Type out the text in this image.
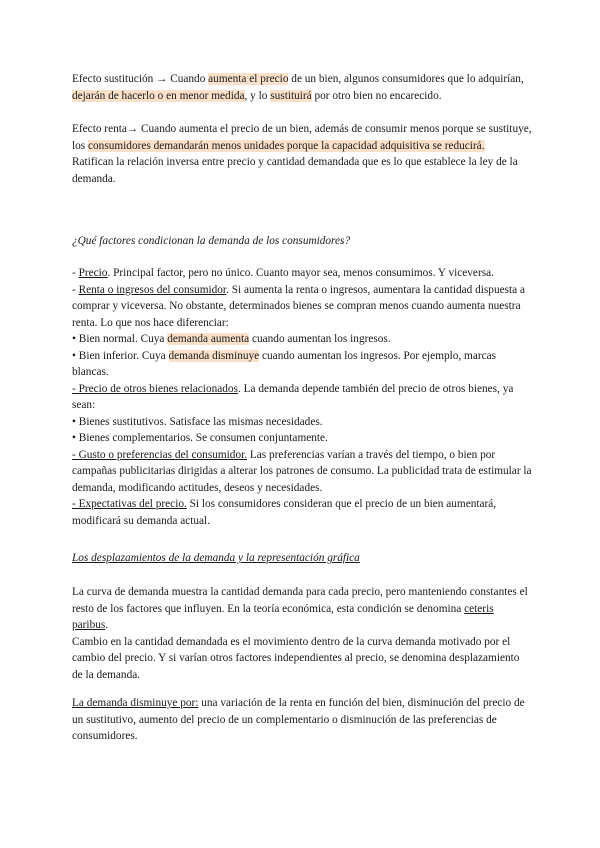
Efecto sustitución → Cuando aumenta el precio de un bien, algunos consumidores que lo adquirían, dejarán de hacerlo o en menor medida, y lo sustituirá por otro bien no encarecido.

Efecto renta→ Cuando aumenta el precio de un bien, además de consumir menos porque se sustituye, los consumidores demandarán menos unidades porque la capacidad adquisitiva se reducirá.

Ratifican la relación inversa entre precio y cantidad demandada que es lo que establece la ley de la demanda.

¿Qué factores condicionan la demanda de los consumidores?

- Precio. Principal factor, pero no único. Cuanto mayor sea, menos consumimos. Y viceversa.

- Renta o ingresos del consumidor. Si aumenta la renta o ingresos, aumentara la cantidad dispuesta a comprar y viceversa. No obstante, determinados bienes se compran menos cuando aumenta nuestra renta. Lo que nos hace diferenciar:

• Bien normal. Cuya demanda aumenta cuando aumentan los ingresos.

• Bien inferior. Cuya demanda disminuye cuando aumentan los ingresos. Por ejemplo, marcas blancas.

- Precio de otros bienes relacionados. La demanda depende también del precio de otros bienes, ya sean:

• Bienes sustitutivos. Satisface las mismas necesidades.

• Bienes complementarios. Se consumen conjuntamente.

- Gusto o preferencias del consumidor. Las preferencias varían a través del tiempo, o bien por campañas publicitarias dirigidas a alterar los patrones de consumo. La publicidad trata de estimular la demanda, modificando actitudes, deseos y necesidades.

- Expectativas del precio. Si los consumidores consideran que el precio de un bien aumentará, modificará su demanda actual.

Los desplazamientos de la demanda y la representación gráfica

La curva de demanda muestra la cantidad demanda para cada precio, pero manteniendo constantes el resto de los factores que influyen. En la teoría económica, esta condición se denomina ceteris paribus.

Cambio en la cantidad demandada es el movimiento dentro de la curva demanda motivado por el cambio del precio. Y si varían otros factores independientes al precio, se denomina desplazamiento de la demanda.

La demanda disminuye por: una variación de la renta en función del bien, disminución del precio de un sustitutivo, aumento del precio de un complementario o disminución de las preferencias de consumidores.
